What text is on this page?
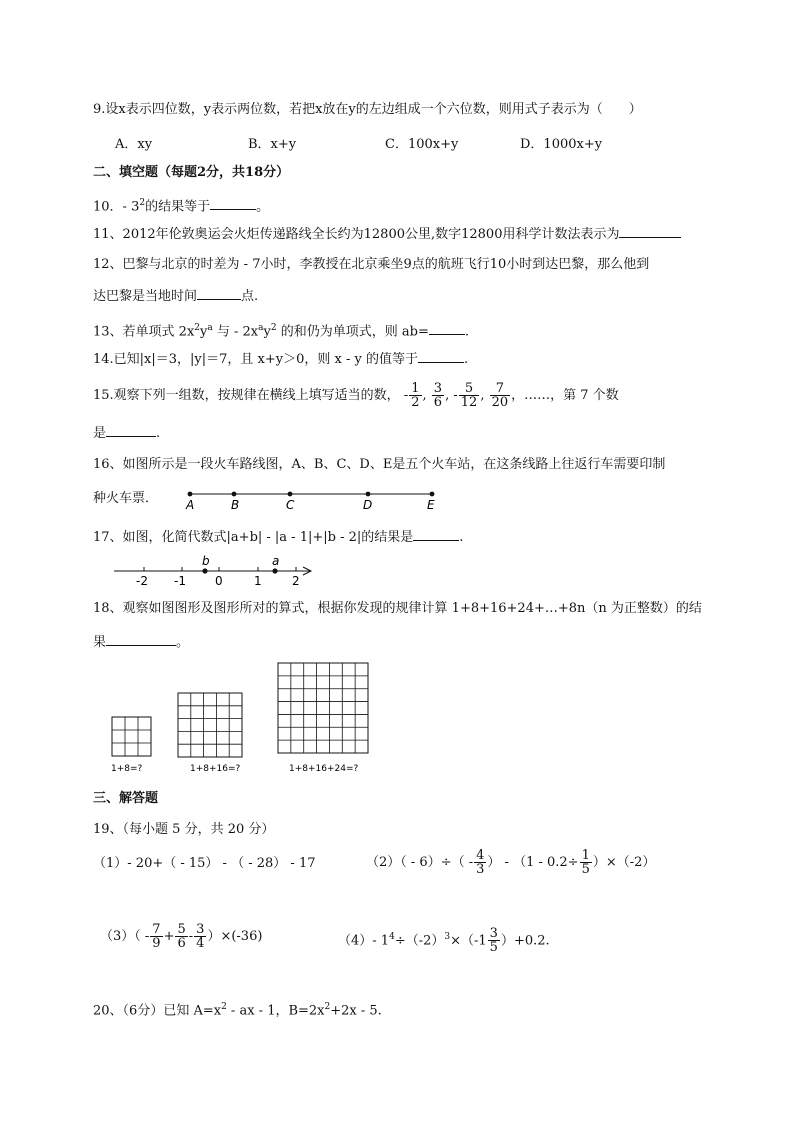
9.设x表示四位数，y表示两位数，若把x放在y的左边组成一个六位数，则用式子表示为（　　）
A．xy	B．x+y	C．100x+y	D．1000x+y
二、填空题（每题2分，共18分）
10．- $3^2$的结果等于	。
11、2012年伦敦奥运会火炬传递路线全长约为12800公里,数字12800用科学计数法表示为
12、巴黎与北京的时差为 - 7小时，李教授在北京乘坐9点的航班飞行10小时到达巴黎，那么他到
达巴黎是当地时间	点.
13、若单项式 $2x^2y^a$ 与 - $2x^ay^2$ 的和仍为单项式，则 ab=	.
14.已知|x|＝3，|y|＝7，且 x+y＞0，则 x - y 的值等于	.
15.观察下列一组数，按规律在横线上填写适当的数， - $\frac{1}{2}$ , $\frac{3}{6}$ , - $\frac{5}{12}$ , $\frac{7}{20}$ ，……，第 7 个数
是	.
16、如图所示是一段火车路线图，A、B、C、D、E是五个火车站，在这条线路上往返行车需要印制
种火车票． A	B	C	D	E
17、如图，化简代数式|a+b| - |a - 1|+|b - 2|的结果是	.
-2 -1 0	1	2
b	a
18、观察如图图形及图形所对的算式，根据你发现的规律计算 1+8+16+24+…+8n（n 为正整数）的结
果	。
1+8=?	1+8+16=?	1+8+16+24=?
三、解答题
19、（每小题 5 分，共 20 分）
（1）- 20+（ - 15） - （ - 28） - 17	$(2)( - 6)\div( - \frac{4}{3}$ ） - $(1 - 0.2\div \frac{1}{5} )\times(-2)$
$(3)( - \frac{7}{9} + \frac{5}{6} - \frac{3}{4} )\times(-36)$	（4）- $1^4\div(-2)^3\times(-1 \frac{3}{5} )+0.2$.
20、（6分）已知 $A=x^2$ - ax - 1，$B=2x^2+2x - 5$.
